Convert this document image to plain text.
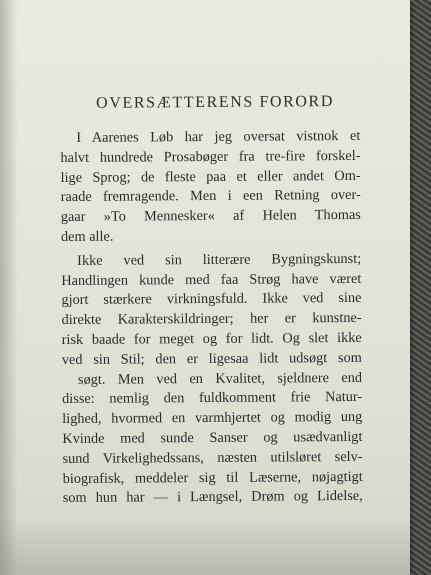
OVERSÆTTERENS FORORD
I Aarenes Løb har jeg oversat vistnok et
halvt hundrede Prosabøger fra tre-fire forskel-
lige Sprog; de fleste paa et eller andet Om-
raade fremragende. Men i een Retning over-
gaar »To Mennesker« af Helen Thomas
dem alle.
Ikke ved sin litterære Bygningskunst;
Handlingen kunde med faa Strøg have været
gjort stærkere virkningsfuld. Ikke ved sine
direkte Karakterskildringer; her er kunstne-
risk baade for meget og for lidt. Og slet ikke
ved sin Stil; den er ligesaa lidt udsøgt som
søgt. Men ved en Kvalitet, sjeldnere end
disse: nemlig den fuldkomment frie Natur-
lighed, hvormed en varmhjertet og modig ung
Kvinde med sunde Sanser og usædvanligt
sund Virkelighedssans, næsten utilsløret selv-
biografisk, meddeler sig til Læserne, nøjagtigt
som hun har — i Længsel, Drøm og Lidelse,
